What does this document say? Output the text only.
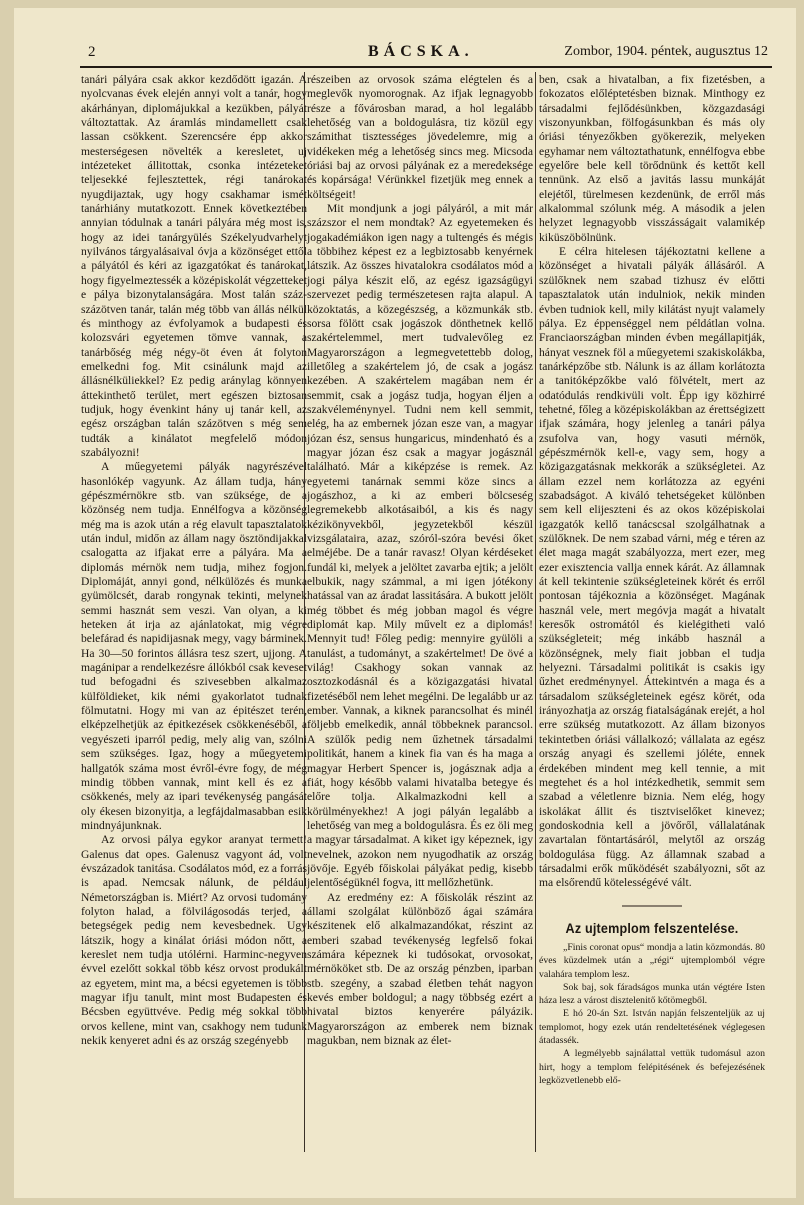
2	BÁCSKA.	Zombor, 1904. péntek, augusztus 12

tanári pályára csak akkor kezdődött igazán. A nyolcvanas évek elején annyi volt a tanár, hogy akárhányan, diplomájukkal a kezükben, pályát változtattak. Az áramlás mindamellett csak lassan csökkent. Szerencsére épp akkor mesterségesen növelték a keresletet, uj intézeteket állitottak, csonka intézeteket teljesekké fejlesztettek, régi tanárokat nyugdijaztak, ugy hogy csakhamar ismét tanárhiány mutatkozott. Ennek következtében annyian tódulnak a tanári pályára még most is, hogy az idei tanárgyülés Székelyudvarhelyt nyilvános tárgyalásaival óvja a közönséget ettől a pályától és kéri az igazgatókat és tanárokat, hogy figyelmeztessék a középiskolát végzetteket e pálya bizonytalanságára. Most talán száz-százötven tanár, talán még több van állás nélkül és minthogy az évfolyamok a budapesti és kolozsvári egyetemen tömve vannak, a tanárbőség még négy-öt éven át folyton emelkedni fog. Mit csinálunk majd az állásnélküliekkel? Ez pedig aránylag könnyen áttekinthető terület, mert egészen biztosan tudjuk, hogy évenkint hány uj tanár kell, az egész országban talán százötven s még sem tudták a kinálatot megfelelő módon szabályozni!

A műegyetemi pályák nagyrészével hasonlókép vagyunk. Az állam tudja, hány gépészmérnökre stb. van szüksége, de a közönség nem tudja. Ennélfogva a közönség még ma is azok után a rég elavult tapasztalatok után indul, midőn az állam nagy ösztöndijakkal csalogatta az ifjakat erre a pályára. Ma a diplomás mérnök nem tudja, mihez fogjon. Diplomáját, annyi gond, nélkülözés és munka gyümölcsét, darab rongynak tekinti, melynek semmi hasznát sem veszi. Van olyan, a ki heteken át irja az ajánlatokat, mig végre belefárad és napidijasnak megy, vagy bárminek. Ha 30—50 forintos állásra tesz szert, ujjong. A magánipar a rendelkezésre állókból csak keveset tud befogadni és szivesebben alkalmaz külföldieket, kik némi gyakorlatot tudnak fölmutatni. Hogy mi van az épitészet terén, elképzelhetjük az épitkezések csökkenéséből, a vegyészeti iparról pedig, mely alig van, szólni sem szükséges. Igaz, hogy a műegyetemi hallgatók száma most évről-évre fogy, de még mindig többen vannak, mint kell és ez a csökkenés, mely az ipari tevékenység pangását oly ékesen bizonyitja, a legfájdalmasabban esik mindnyájunknak.

Az orvosi pálya egykor aranyat termett! Galenus dat opes. Galenusz vagyont ád, volt évszázadok tanitása. Csodálatos mód, ez a forrás is apad. Nemcsak nálunk, de például Németországban is. Miért? Az orvosi tudomány folyton halad, a fölvilágosodás terjed, a betegségek pedig nem kevesbednek. Ugy látszik, hogy a kinálat óriási módon nőtt, a kereslet nem tudja utólérni. Harminc-negyven évvel ezelőtt sokkal több kész orvost produkált az egyetem, mint ma, a bécsi egyetemen is több magyar ifju tanult, mint most Budapesten és Bécsben együttvéve. Pedig még sokkal több orvos kellene, mint van, csakhogy nem tudunk nekik kenyeret adni és az ország szegényebb

részeiben az orvosok száma elégtelen és a meglevők nyomorognak. Az ifjak legnagyobb része a fővárosban marad, a hol legalább lehetőség van a boldogulásra, tiz közül egy számithat tisztességes jövedelemre, mig a vidékeken még a lehetőség sincs meg. Micsoda óriási baj az orvosi pályának ez a meredeksége és kopársága! Vérünkkel fizetjük meg ennek a költségeit!

Mit mondjunk a jogi pályáról, a mit már százszor el nem mondtak? Az egyetemeken és jogakadémiákon igen nagy a tultengés és mégis a többihez képest ez a legbiztosabb kenyérnek látszik. Az összes hivatalokra csodálatos mód a jogi pálya készit elő, az egész igazságügyi szervezet pedig természetesen rajta alapul. A közoktatás, a közegészség, a közmunkák stb. sorsa fölött csak jogászok dönthetnek kellő szakértelemmel, mert tudvalevőleg ez Magyarországon a legmegvetettebb dolog, illetőleg a szakértelem jó, de csak a jogász kezében. A szakértelem magában nem ér semmit, csak a jogász tudja, hogyan éljen a szakvéleménynyel. Tudni nem kell semmit, elég, ha az embernek józan esze van, a magyar józan ész, sensus hungaricus, mindenható és a magyar józan ész csak a magyar jogásznál található. Már a kiképzése is remek. Az egyetemi tanárnak semmi köze sincs a jogászhoz, a ki az emberi bölcseség legremekebb alkotásaiból, a kis és nagy kézikönyvekből, jegyzetekből készül vizsgálataira, azaz, szóról-szóra bevési őket elméjébe. De a tanár ravasz! Olyan kérdéseket fundál ki, melyek a jelöltet zavarba ejtik; a jelölt elbukik, nagy számmal, a mi igen jótékony hatással van az áradat lassitására. A bukott jelölt még többet és még jobban magol és végre diplomát kap. Mily művelt ez a diplomás! Mennyit tud! Főleg pedig: mennyire gyülöli a tanulást, a tudományt, a szakértelmet! De övé a világ! Csakhogy sokan vannak az osztozkodásnál és a közigazgatási hivatal fizetéséből nem lehet megélni. De legalább ur az ember. Vannak, a kiknek parancsolhat és minél följebb emelkedik, annál többeknek parancsol. A szülők pedig nem űzhetnek társadalmi politikát, hanem a kinek fia van és ha maga a magyar Herbert Spencer is, jogásznak adja a fiát, hogy később valami hivatalba betegye és előre tolja. Alkalmazkodni kell a körülményekhez! A jogi pályán legalább a lehetőség van meg a boldogulásra. És ez öli meg a magyar társadalmat. A kiket igy képeznek, igy nevelnek, azokon nem nyugodhatik az ország jövője. Egyéb főiskolai pályákat pedig, kisebb jelentőségüknél fogva, itt mellőzhetünk.

Az eredmény ez: A főiskolák részint az állami szolgálat különböző ágai számára készitenek elő alkalmazandókat, részint az emberi szabad tevékenység legfelső fokai számára képeznek ki tudósokat, orvosokat, mérnököket stb. De az ország pénzben, iparban stb. szegény, a szabad életben tehát nagyon kevés ember boldogul; a nagy többség ezért a hivatal biztos kenyerére pályázik. Magyarországon az emberek nem biznak magukban, nem biznak az élet-

ben, csak a hivatalban, a fix fizetésben, a fokozatos előléptetésben biznak. Minthogy ez társadalmi fejlődésünkben, közgazdasági viszonyunkban, fölfogásunkban és más oly óriási tényezőkben gyökerezik, melyeken egyhamar nem változtathatunk, ennélfogva ebbe egyelőre bele kell törődnünk és kettőt kell tennünk. Az első a javitás lassu munkáját elejétől, türelmesen kezdenünk, de erről más alkalommal szólunk még. A második a jelen helyzet legnagyobb visszásságait valamikép kiküszöbölnünk.

E célra hitelesen tájékoztatni kellene a közönséget a hivatali pályák állásáról. A szülőknek nem szabad tizhusz év előtti tapasztalatok után indulniok, nekik minden évben tudniok kell, mily kilátást nyujt valamely pálya. Ez éppenséggel nem példátlan volna. Franciaországban minden évben megállapitják, hányat vesznek föl a műegyetemi szakiskolákba, tanárképzőbe stb. Nálunk is az állam korlátozta a tanitóképzőkbe való fölvételt, mert az odatódulás rendkivüli volt. Épp igy közhirré tehetné, főleg a középiskolákban az érettségizett ifjak számára, hogy jelenleg a tanári pálya zsufolva van, hogy vasuti mérnök, gépészmérnök kell-e, vagy sem, hogy a közigazgatásnak mekkorák a szükségletei. Az állam ezzel nem korlátozza az egyéni szabadságot. A kiváló tehetségeket különben sem kell elijeszteni és az okos középiskolai igazgatók kellő tanácscsal szolgálhatnak a szülőknek. De nem szabad várni, még e téren az élet maga magát szabályozza, mert ezer, meg ezer exisztencia vallja ennek kárát. Az államnak át kell tekintenie szükségleteinek körét és erről pontosan tájékoznia a közönséget. Magának használ vele, mert megóvja magát a hivatalt keresők ostromától és kielégitheti való szükségleteit; még inkább használ a közönségnek, mely fiait jobban el tudja helyezni. Társadalmi politikát is csakis igy űzhet eredménynyel. Áttekintvén a maga és a társadalom szükségleteinek egész körét, oda irányozhatja az ország fiatalságának erejét, a hol erre szükség mutatkozott. Az állam bizonyos tekintetben óriási vállalkozó; vállalata az egész ország anyagi és szellemi jóléte, ennek érdekében mindent meg kell tennie, a mit megtehet és a hol intézkedhetik, semmit sem szabad a véletlenre biznia. Nem elég, hogy iskolákat állit és tisztviselőket kinevez; gondoskodnia kell a jövőről, vállalatának zavartalan föntartásáról, melytől az ország boldogulása függ. Az államnak szabad a társadalmi erők működését szabályozni, sőt az ma elsőrendű kötelességévé vált.

Az ujtemplom felszentelése.

„Finis coronat opus“ mondja a latin közmondás. 80 éves küzdelmek után a „régi“ ujtemplomból végre valahára templom lesz.

Sok baj, sok fáradságos munka után végtére Isten háza lesz a várost disztelenitő kőtömegből.

E hó 20-án Szt. István napján felszenteljük az uj templomot, hogy ezek után rendeltetésének véglegesen átadassék.

A legmélyebb sajnálattal vettük tudomásul azon hirt, hogy a templom felépitésének és befejezésének legközvetlenebb elő-
